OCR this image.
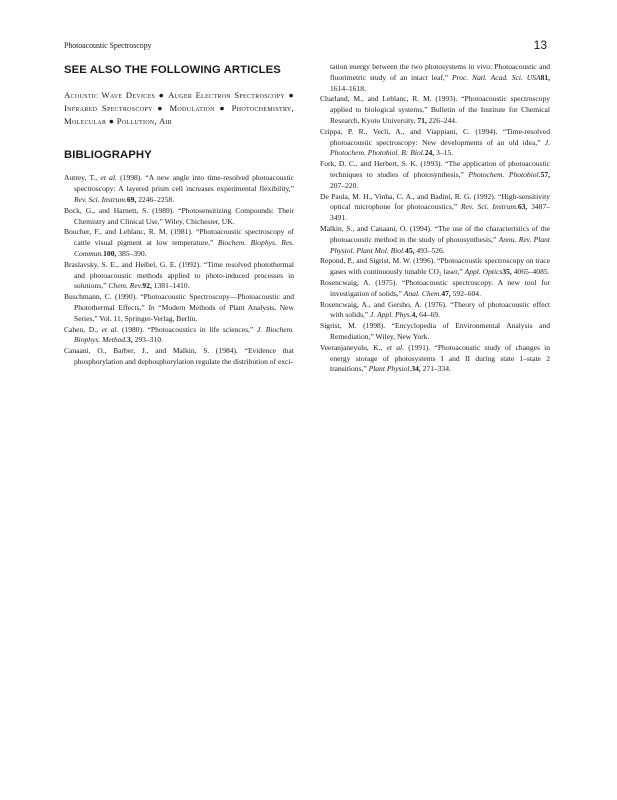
Photoacoustic Spectroscopy	13
SEE ALSO THE FOLLOWING ARTICLES

Acoustic Wave Devices ● Auger Electron Spectroscopy ● Infrared Spectroscopy ● Modulation ● Photochemistry, Molecular ● Pollution, Air

BIBLIOGRAPHY

Autrey, T., et al. (1998). “A new angle into time-resolved photoacoustic spectroscopy: A layered prism cell increases experimental flexibility,” Rev. Sci. Instrum.69, 2246–2258.

Bock, G., and Harnett, S. (1989). “Photosensitizing Compounds: Their Chemistry and Clinical Use,” Wiley, Chichester, UK.

Boucher, F., and Leblanc, R. M. (1981). “Photoacoustic spectroscopy of cattle visual pigment at low temperature,” Biochem. Biophys. Res. Commun.100, 385–390.

Braslavsky, S. E., and Heibel, G. E. (1992). “Time resolved photothermal and photoacoustic methods applied to photo-induced processes in solutions,” Chem. Rev.92, 1381–1410.

Buschmann, C. (1990). “Photoacoustic Spectroscopy—Photoacoustic and Photothermal Effects,” In “Modern Methods of Plant Analysis, New Series,” Vol. 11, Springer-Verlag, Berlin.

Cahen, D., et al. (1980). “Photoacoustics in life sciences,” J. Biochem. Biophys. Method.3, 293–310.

Canaani, O., Barber, J., and Malkin, S. (1984). “Evidence that phosphorylation and dephosphorylation regulate the distribution of exci-

tation energy between the two photosystems in vivo: Photoacoustic and fluorimetric study of an intact leaf,” Proc. Natl. Acad. Sci. USA81, 1614–1618.

Charland, M., and Leblanc, R. M. (1993). “Photoacoustic spectroscopy applied to biological systems,” Bulletin of the Institute for Chemical Research, Kyoto University, 71, 226–244.

Crippa, P. R., Vecli, A., and Viappiani, C. (1994). “Time-resolved photoacoustic spectroscopy: New developments of an old idea,” J. Photochem. Photobiol. B: Biol.24, 3–15.

Fork, D. C., and Herbert, S. K. (1993). “The application of photoacoustic techniques to studies of photosynthesis,” Photochem. Photobiol.57, 207–220.

De Paula, M. H., Vinha, C. A., and Badini, R. G. (1992). “High-sensitivity optical microphone for photoacoustics,” Rev. Sci. Instrum.63, 3487–3491.

Malkin, S., and Canaani, O. (1994). “The use of the characteristics of the photoacoustic method in the study of photosynthesis,” Annu. Rev. Plant Physiol. Plant Mol. Biol.45, 493–526.

Repond, P., and Sigrist, M. W. (1996). “Photoacoustic spectroscopy on trace gases with continuously tunable CO₂ laser,” Appl. Optics35, 4065–4085.

Rosencwaig, A. (1975). “Photoacoustic spectroscopy. A new tool for investigation of solids,” Anal. Chem.47, 592–604.

Rosencwaig, A., and Gersho, A. (1976). “Theory of photoacoustic effect with solids,” J. Appl. Phys.4, 64–69.

Sigrist, M. (1998). “Encyclopedia of Environmental Analysis and Remediation,” Wiley, New York.

Veeranjaneyulu, K., et al. (1991). “Photoacoustic study of changes in energy storage of photosystems I and II during state 1–state 2 transitions,” Plant Physiol.34, 271–334.
